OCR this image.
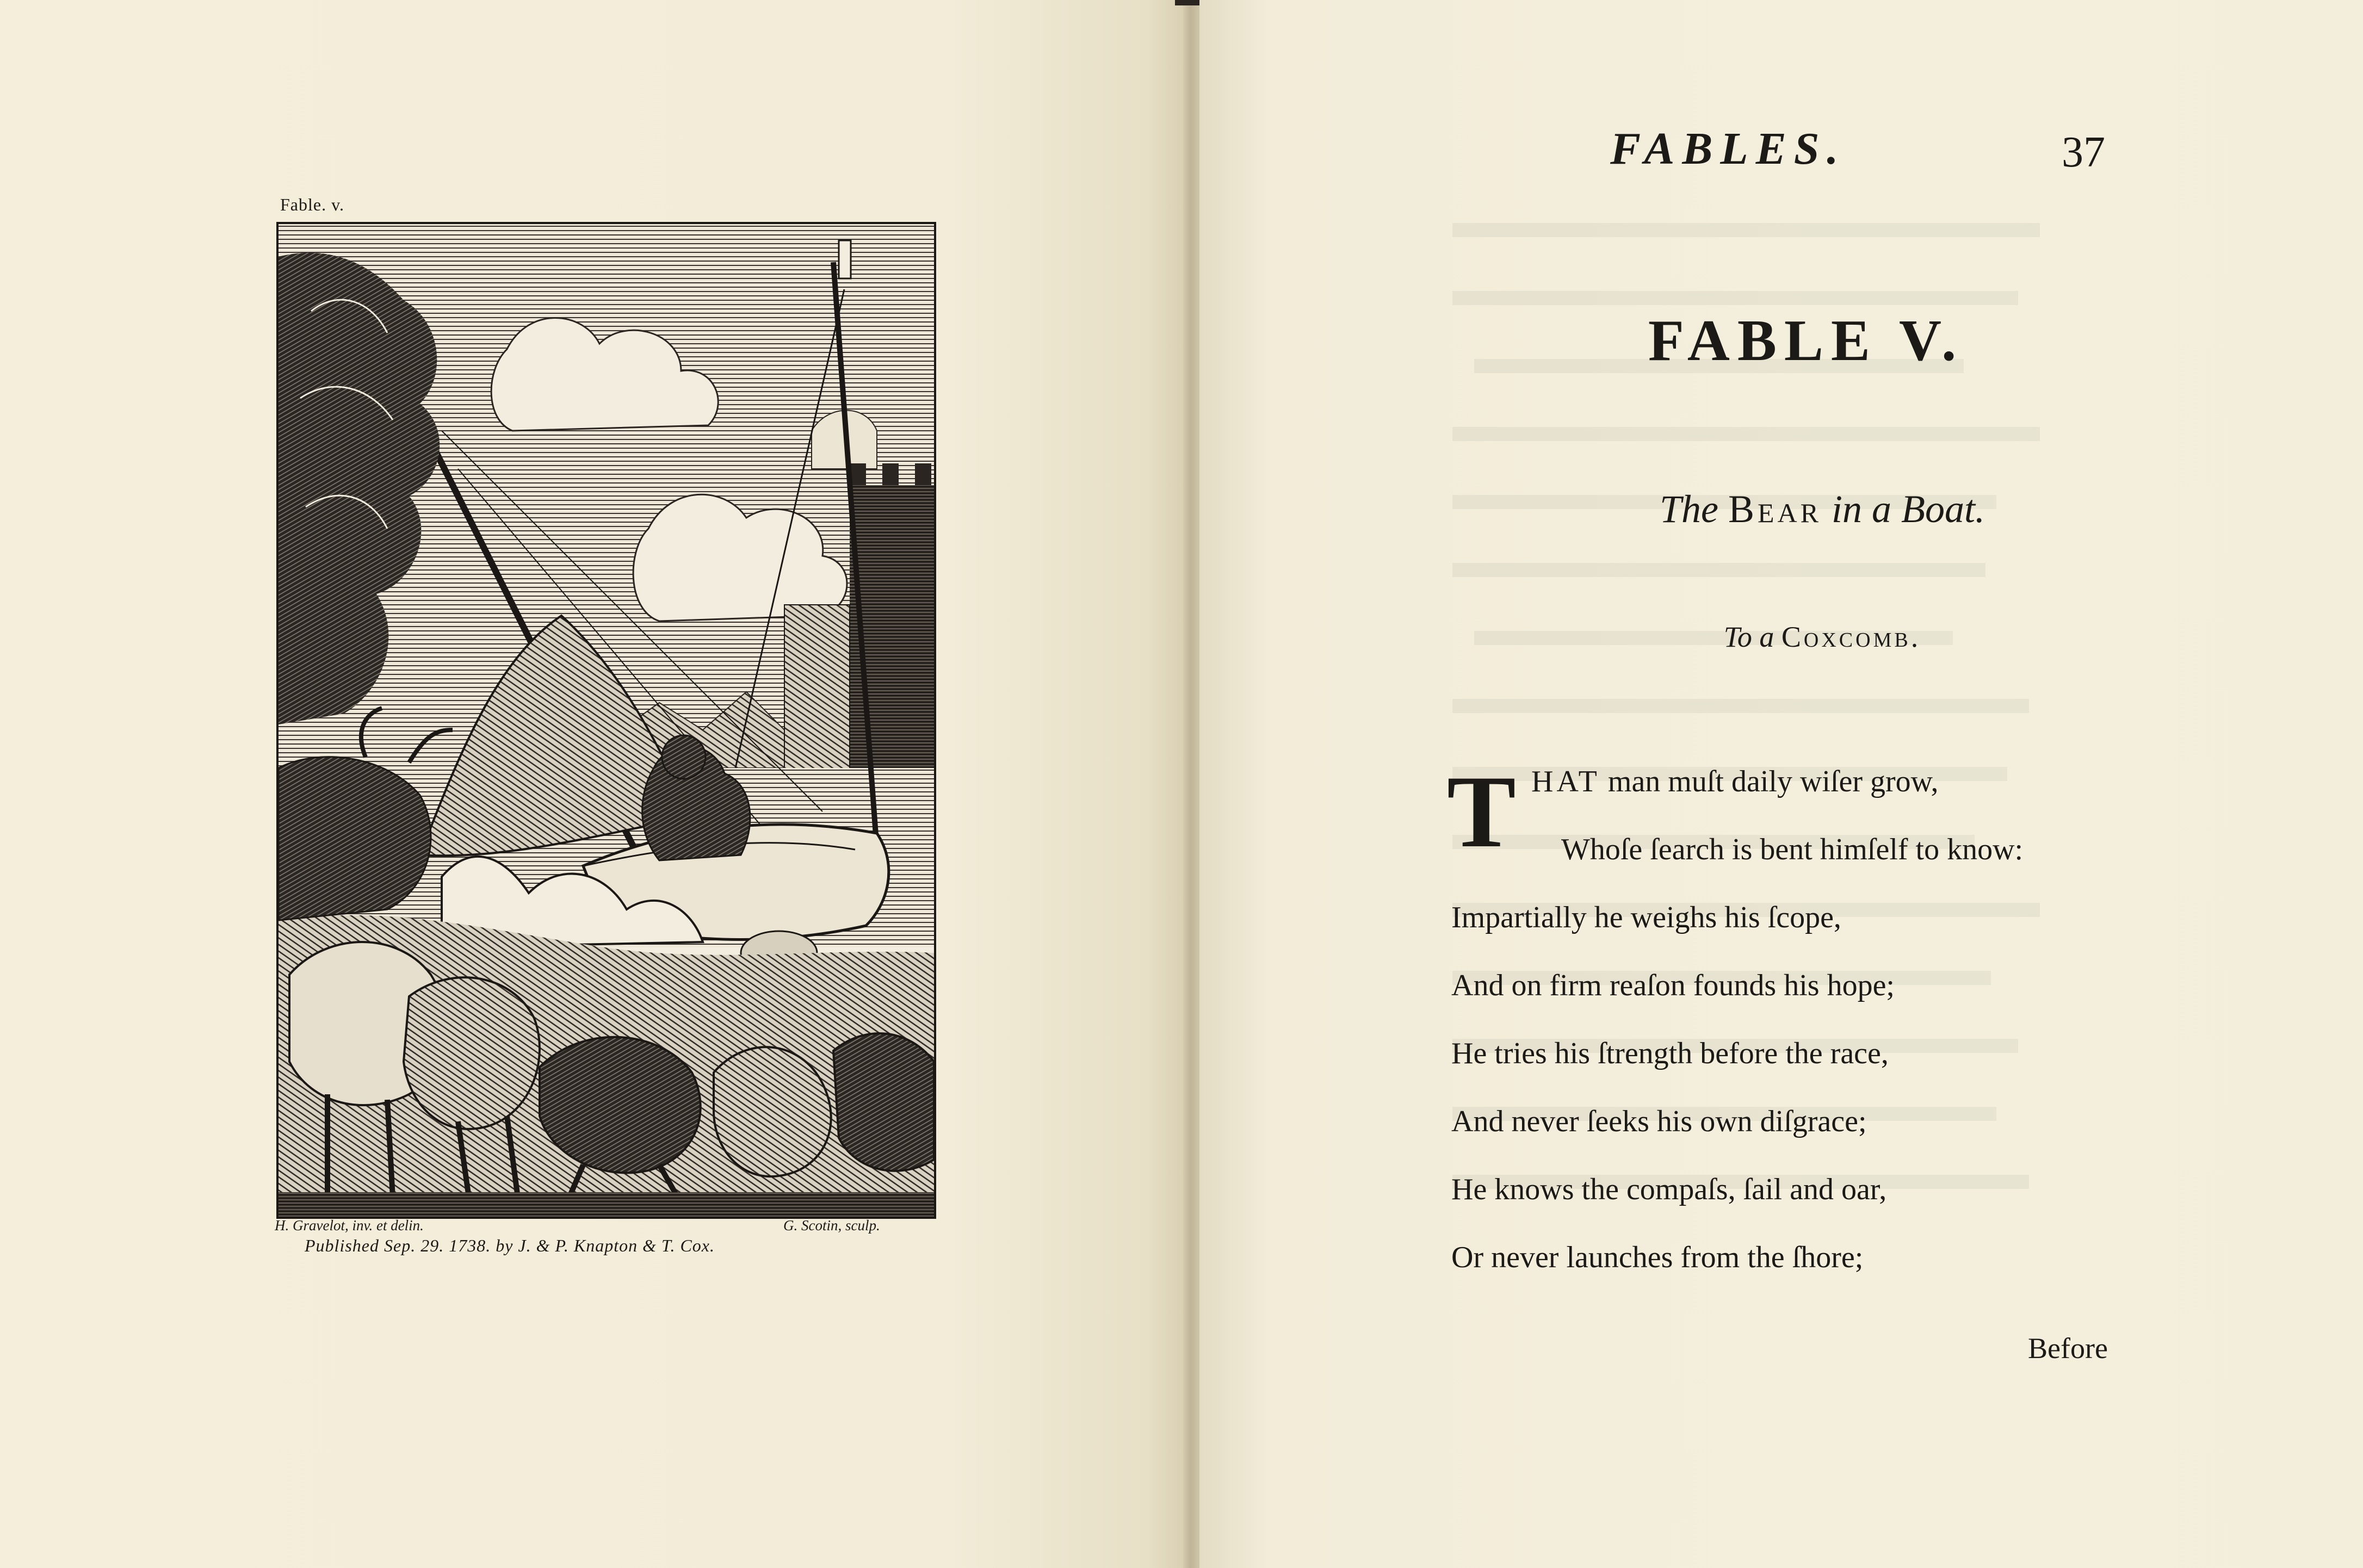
Fable. v.
H. Gravelot, inv. et delin.	G. Scotin, sculp.
Published Sep. 29. 1738. by J. & P. Knapton & T. Cox.
FABLES.	37
FABLE V.
The Bear in a Boat.
To a Coxcomb.
T HAT man muſt daily wiſer grow,
Whoſe ſearch is bent himſelf to know:
Impartially he weighs his ſcope,
And on firm reaſon founds his hope;
He tries his ſtrength before the race,
And never ſeeks his own diſgrace;
He knows the compaſs, ſail and oar,
Or never launches from the ſhore;
Before
